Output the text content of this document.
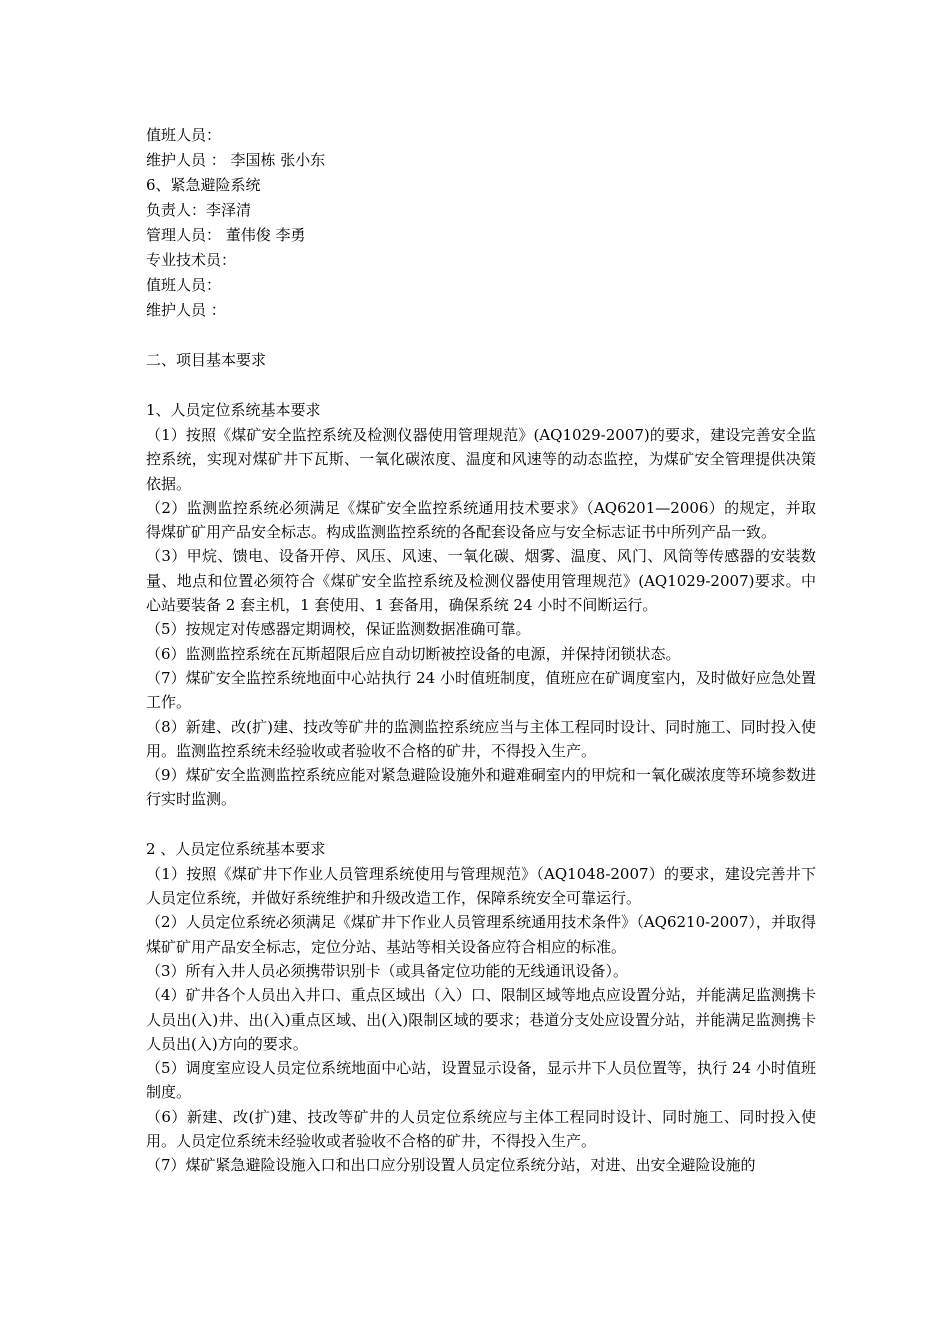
值班人员：
维护人员 ： 李国栋 张小东
6、紧急避险系统
负责人：李泽清
管理人员： 董伟俊 李勇
专业技术员：
值班人员：
维护人员 ：
二、项目基本要求
1、人员定位系统基本要求
（1）按照《煤矿安全监控系统及检测仪器使用管理规范》(AQ1029-2007)的要求，建设完善安全监控系统，实现对煤矿井下瓦斯、一氧化碳浓度、温度和风速等的动态监控，为煤矿安全管理提供决策依据。
（2）监测监控系统必须满足《煤矿安全监控系统通用技术要求》（AQ6201—2006）的规定，并取得煤矿矿用产品安全标志。构成监测监控系统的各配套设备应与安全标志证书中所列产品一致。
（3）甲烷、馈电、设备开停、风压、风速、一氧化碳、烟雾、温度、风门、风筒等传感器的安装数量、地点和位置必须符合《煤矿安全监控系统及检测仪器使用管理规范》(AQ1029-2007)要求。中心站要装备 2 套主机，1 套使用、1 套备用，确保系统 24 小时不间断运行。
（5）按规定对传感器定期调校，保证监测数据准确可靠。
（6）监测监控系统在瓦斯超限后应自动切断被控设备的电源，并保持闭锁状态。
（7）煤矿安全监控系统地面中心站执行 24 小时值班制度，值班应在矿调度室内，及时做好应急处置工作。
（8）新建、改(扩)建、技改等矿井的监测监控系统应当与主体工程同时设计、同时施工、同时投入使用。监测监控系统未经验收或者验收不合格的矿井，不得投入生产。
（9）煤矿安全监测监控系统应能对紧急避险设施外和避难硐室内的甲烷和一氧化碳浓度等环境参数进行实时监测。
2 、人员定位系统基本要求
（1）按照《煤矿井下作业人员管理系统使用与管理规范》（AQ1048-2007）的要求，建设完善井下人员定位系统，并做好系统维护和升级改造工作，保障系统安全可靠运行。
（2）人员定位系统必须满足《煤矿井下作业人员管理系统通用技术条件》（AQ6210-2007），并取得煤矿矿用产品安全标志，定位分站、基站等相关设备应符合相应的标准。
（3）所有入井人员必须携带识别卡（或具备定位功能的无线通讯设备）。
（4）矿井各个人员出入井口、重点区域出（入）口、限制区域等地点应设置分站，并能满足监测携卡人员出(入)井、出(入)重点区域、出(入)限制区域的要求；巷道分支处应设置分站，并能满足监测携卡人员出(入)方向的要求。
（5）调度室应设人员定位系统地面中心站，设置显示设备，显示井下人员位置等，执行 24 小时值班制度。
（6）新建、改(扩)建、技改等矿井的人员定位系统应与主体工程同时设计、同时施工、同时投入使用。人员定位系统未经验收或者验收不合格的矿井，不得投入生产。
（7）煤矿紧急避险设施入口和出口应分别设置人员定位系统分站，对进、出安全避险设施的
